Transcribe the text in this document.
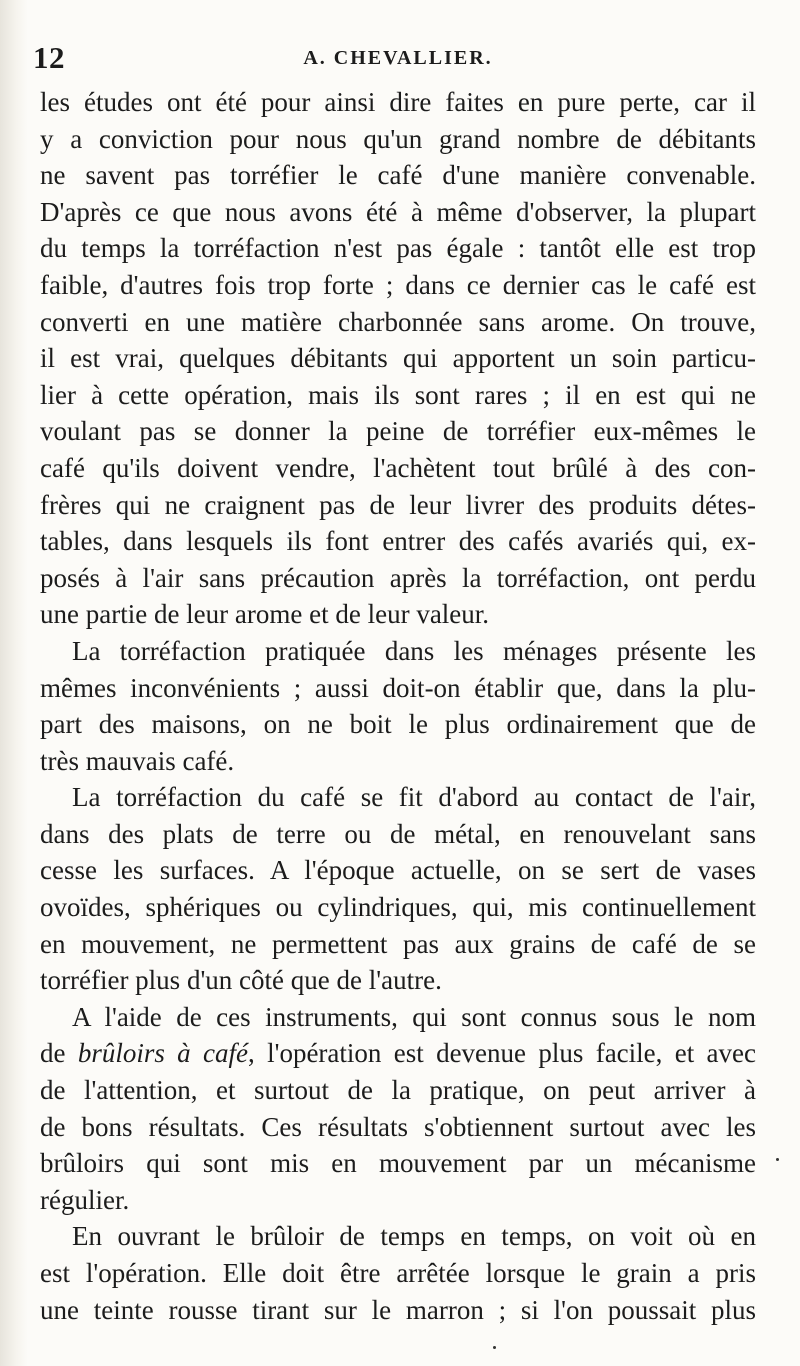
12	A. CHEVALLIER.
les études ont été pour ainsi dire faites en pure perte, car il
y a conviction pour nous qu'un grand nombre de débitants
ne savent pas torréfier le café d'une manière convenable.
D'après ce que nous avons été à même d'observer, la plupart
du temps la torréfaction n'est pas égale : tantôt elle est trop
faible, d'autres fois trop forte ; dans ce dernier cas le café est
converti en une matière charbonnée sans arome. On trouve,
il est vrai, quelques débitants qui apportent un soin particu-
lier à cette opération, mais ils sont rares ; il en est qui ne
voulant pas se donner la peine de torréfier eux-mêmes le
café qu'ils doivent vendre, l'achètent tout brûlé à des con-
frères qui ne craignent pas de leur livrer des produits détes-
tables, dans lesquels ils font entrer des cafés avariés qui, ex-
posés à l'air sans précaution après la torréfaction, ont perdu
une partie de leur arome et de leur valeur.
La torréfaction pratiquée dans les ménages présente les
mêmes inconvénients ; aussi doit-on établir que, dans la plu-
part des maisons, on ne boit le plus ordinairement que de
très mauvais café.
La torréfaction du café se fit d'abord au contact de l'air,
dans des plats de terre ou de métal, en renouvelant sans
cesse les surfaces. A l'époque actuelle, on se sert de vases
ovoïdes, sphériques ou cylindriques, qui, mis continuellement
en mouvement, ne permettent pas aux grains de café de se
torréfier plus d'un côté que de l'autre.
A l'aide de ces instruments, qui sont connus sous le nom
de brûloirs à café, l'opération est devenue plus facile, et avec
de l'attention, et surtout de la pratique, on peut arriver à
de bons résultats. Ces résultats s'obtiennent surtout avec les
brûloirs qui sont mis en mouvement par un mécanisme
régulier.
En ouvrant le brûloir de temps en temps, on voit où en
est l'opération. Elle doit être arrêtée lorsque le grain a pris
une teinte rousse tirant sur le marron ; si l'on poussait plus
